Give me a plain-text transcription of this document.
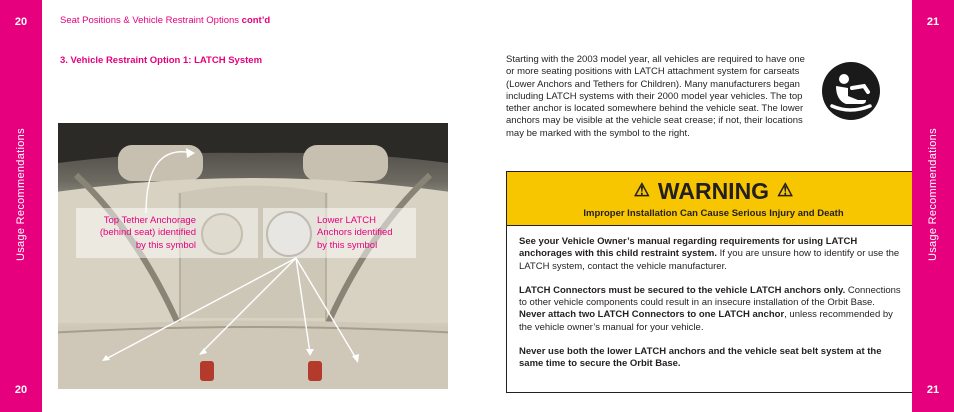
20
Usage Recommendations
20
Seat Positions & Vehicle Restraint Options cont’d
3. Vehicle Restraint Option 1: LATCH System
Top Tether Anchorage
(behind seat) identified
by this symbol
Lower LATCH
Anchors identified
by this symbol
Starting with the 2003 model year, all vehicles are required to have one or more seating positions with LATCH attachment system for carseats (Lower Anchors and Tethers for Children). Many manufacturers began including LATCH systems with their 2000 model year vehicles. The top tether anchor is located somewhere behind the vehicle seat. The lower anchors may be visible at the vehicle seat crease; if not, their locations may be marked with the symbol to the right.
⚠ WARNING ⚠
Improper Installation Can Cause Serious Injury and Death

See your Vehicle Owner’s manual regarding requirements for using LATCH anchorages with this child restraint system. If you are unsure how to identify or use the LATCH system, contact the vehicle manufacturer.

LATCH Connectors must be secured to the vehicle LATCH anchors only. Connections to other vehicle components could result in an insecure installation of the Orbit Base.

Never attach two LATCH Connectors to one LATCH anchor, unless recommended by the vehicle owner’s manual for your vehicle.

Never use both the lower LATCH anchors and the vehicle seat belt system at the same time to secure the Orbit Base.

21
Usage Recommendations
21
